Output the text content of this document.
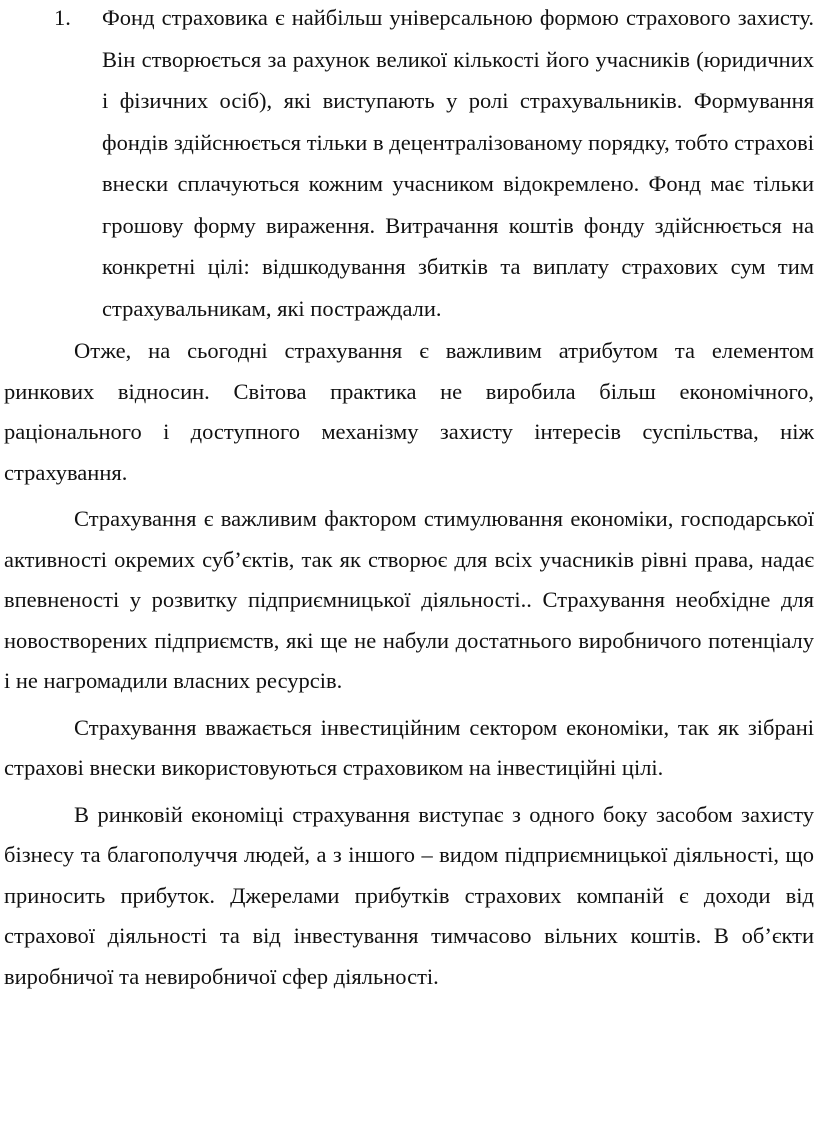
1. Фонд страховика є найбільш універсальною формою страхового захисту. Він створюється за рахунок великої кількості його учасників (юридичних і фізичних осіб), які виступають у ролі страхувальників. Формування фондів здійснюється тільки в децентралізованому порядку, тобто страхові внески сплачуються кожним учасником відокремлено. Фонд має тільки грошову форму вираження. Витрачання коштів фонду здійснюється на конкретні цілі: відшкодування збитків та виплату страхових сум тим страхувальникам, які постраждали.

Отже, на сьогодні страхування є важливим атрибутом та елементом ринкових відносин. Світова практика не виробила більш економічного, раціонального і доступного механізму захисту інтересів суспільства, ніж страхування.

Страхування є важливим фактором стимулювання економіки, господарської активності окремих суб’єктів, так як створює для всіх учасників рівні права, надає впевненості у розвитку підприємницької діяльності.. Страхування необхідне для новостворених підприємств, які ще не набули достатнього виробничого потенціалу і не нагромадили власних ресурсів.

Страхування вважається інвестиційним сектором економіки, так як зібрані страхові внески використовуються страховиком на інвестиційні цілі.

В ринковій економіці страхування виступає з одного боку засобом захисту бізнесу та благополуччя людей, а з іншого – видом підприємницької діяльності, що приносить прибуток. Джерелами прибутків страхових компаній є доходи від страхової діяльності та від інвестування тимчасово вільних коштів. В об’єкти виробничої та невиробничої сфер діяльності.
